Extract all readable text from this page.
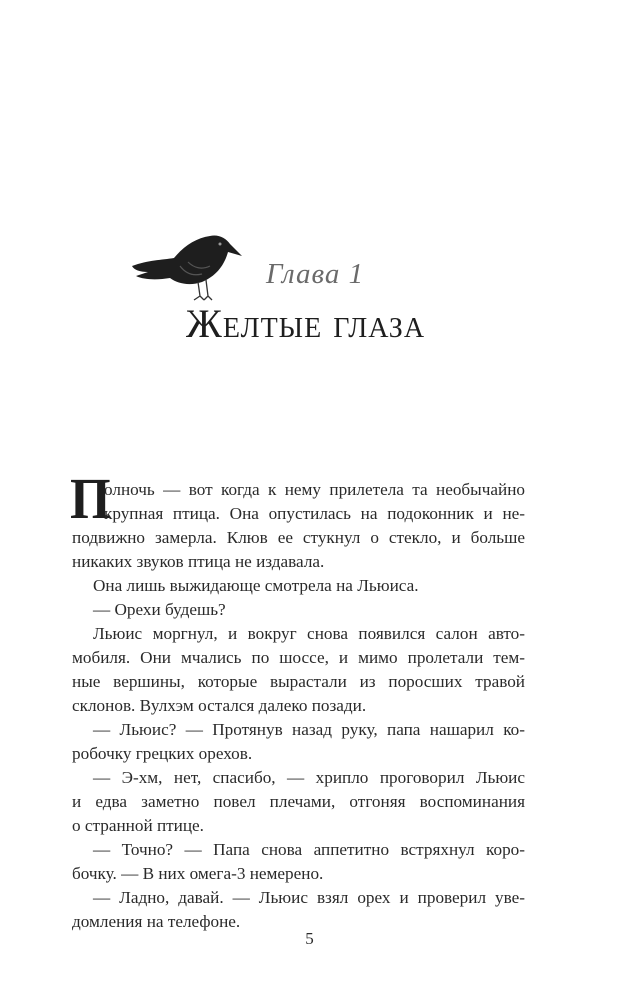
Глава 1
Желтые глаза
П
олночь — вот когда к нему прилетела та необычайно
крупная птица. Она опустилась на подоконник и не-
подвижно замерла. Клюв ее стукнул о стекло, и больше
никаких звуков птица не издавала.
Она лишь выжидающе смотрела на Льюиса.
— Орехи будешь?
Льюис моргнул, и вокруг снова появился салон авто-
мобиля. Они мчались по шоссе, и мимо пролетали тем-
ные вершины, которые вырастали из поросших травой
склонов. Вулхэм остался далеко позади.
— Льюис? — Протянув назад руку, папа нашарил ко-
робочку грецких орехов.
— Э-хм, нет, спасибо, — хрипло проговорил Льюис
и едва заметно повел плечами, отгоняя воспоминания
о странной птице.
— Точно? — Папа снова аппетитно встряхнул коро-
бочку. — В них омега-3 немерено.
— Ладно, давай. — Льюис взял орех и проверил уве-
домления на телефоне.
5
